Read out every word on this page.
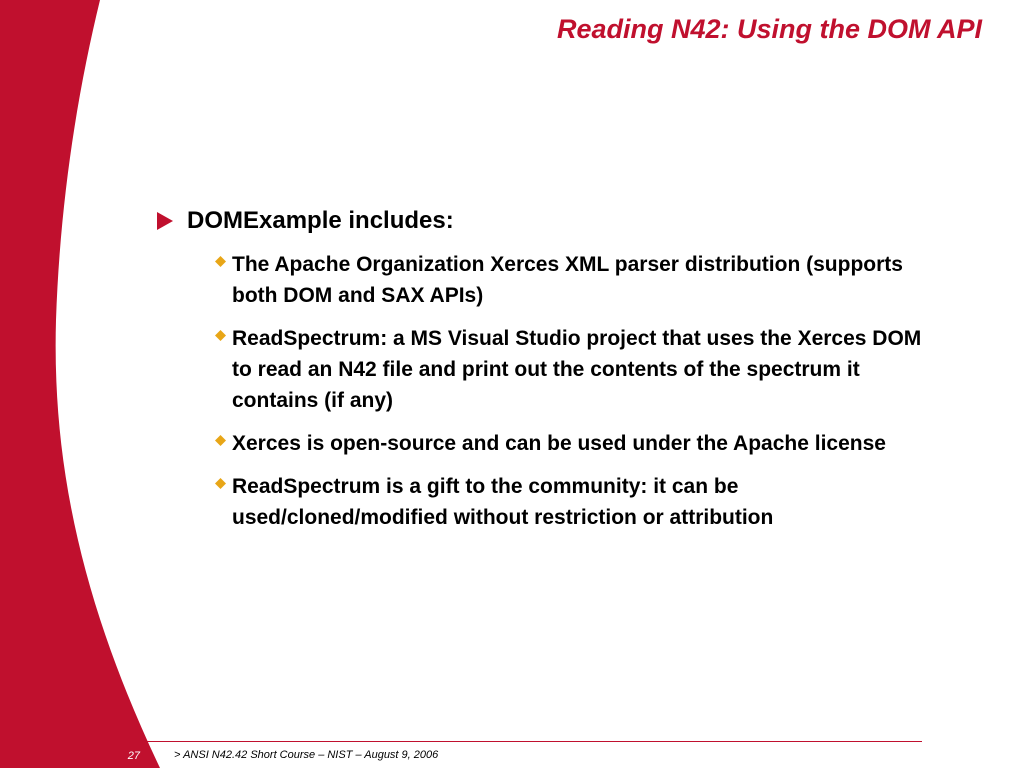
Reading N42: Using the DOM API
DOMExample includes:
The Apache Organization Xerces XML parser distribution (supports both DOM and SAX APIs)
ReadSpectrum: a MS Visual Studio project that uses the Xerces DOM to read an N42 file and print out the contents of the spectrum it contains (if any)
Xerces is open-source and can be used under the Apache license
ReadSpectrum is a gift to the community: it can be used/cloned/modified without restriction or attribution
27	> ANSI N42.42 Short Course – NIST – August 9, 2006
